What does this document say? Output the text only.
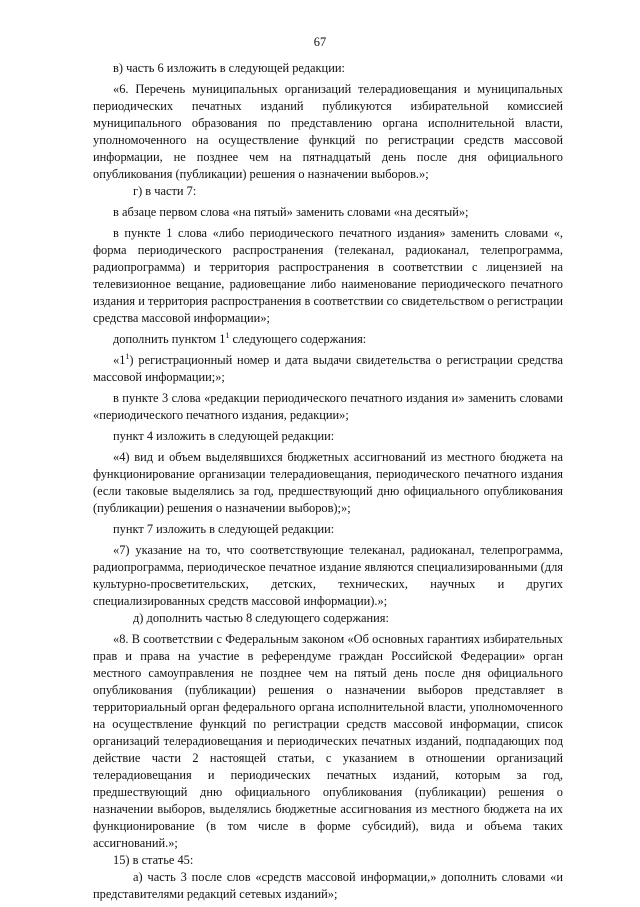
67

в) часть 6 изложить в следующей редакции:

«6. Перечень муниципальных организаций телерадиовещания и муниципальных периодических печатных изданий публикуются избирательной комиссией муниципального образования по представлению органа исполнительной власти, уполномоченного на осуществление функций по регистрации средств массовой информации, не позднее чем на пятнадцатый день после дня официального опубликования (публикации) решения о назначении выборов.»;

г) в части 7:

в абзаце первом слова «на пятый» заменить словами «на десятый»;

в пункте 1 слова «либо периодического печатного издания» заменить словами «, форма периодического распространения (телеканал, радиоканал, телепрограмма, радиопрограмма) и территория распространения в соответствии с лицензией на телевизионное вещание, радиовещание либо наименование периодического печатного издания и территория распространения в соответствии со свидетельством о регистрации средства массовой информации»;

дополнить пунктом $1^1$ следующего содержания:

«$1^1$) регистрационный номер и дата выдачи свидетельства о регистрации средства массовой информации;»;

в пункте 3 слова «редакции периодического печатного издания и» заменить словами «периодического печатного издания, редакции»;

пункт 4 изложить в следующей редакции:

«4) вид и объем выделявшихся бюджетных ассигнований из местного бюджета на функционирование организации телерадиовещания, периодического печатного издания (если таковые выделялись за год, предшествующий дню официального опубликования (публикации) решения о назначении выборов);»;

пункт 7 изложить в следующей редакции:

«7) указание на то, что соответствующие телеканал, радиоканал, телепрограмма, радиопрограмма, периодическое печатное издание являются специализированными (для культурно-просветительских, детских, технических, научных и других специализированных средств массовой информации).»;

д) дополнить частью 8 следующего содержания:

«8. В соответствии с Федеральным законом «Об основных гарантиях избирательных прав и права на участие в референдуме граждан Российской Федерации» орган местного самоуправления не позднее чем на пятый день после дня официального опубликования (публикации) решения о назначении выборов представляет в территориальный орган федерального органа исполнительной власти, уполномоченного на осуществление функций по регистрации средств массовой информации, список организаций телерадиовещания и периодических печатных изданий, подпадающих под действие части 2 настоящей статьи, с указанием в отношении организаций телерадиовещания и периодических печатных изданий, которым за год, предшествующий дню официального опубликования (публикации) решения о назначении выборов, выделялись бюджетные ассигнования из местного бюджета на их функционирование (в том числе в форме субсидий), вида и объема таких ассигнований.»;

15) в статье 45:

а) часть 3 после слов «средств массовой информации,» дополнить словами «и представителями редакций сетевых изданий»;
